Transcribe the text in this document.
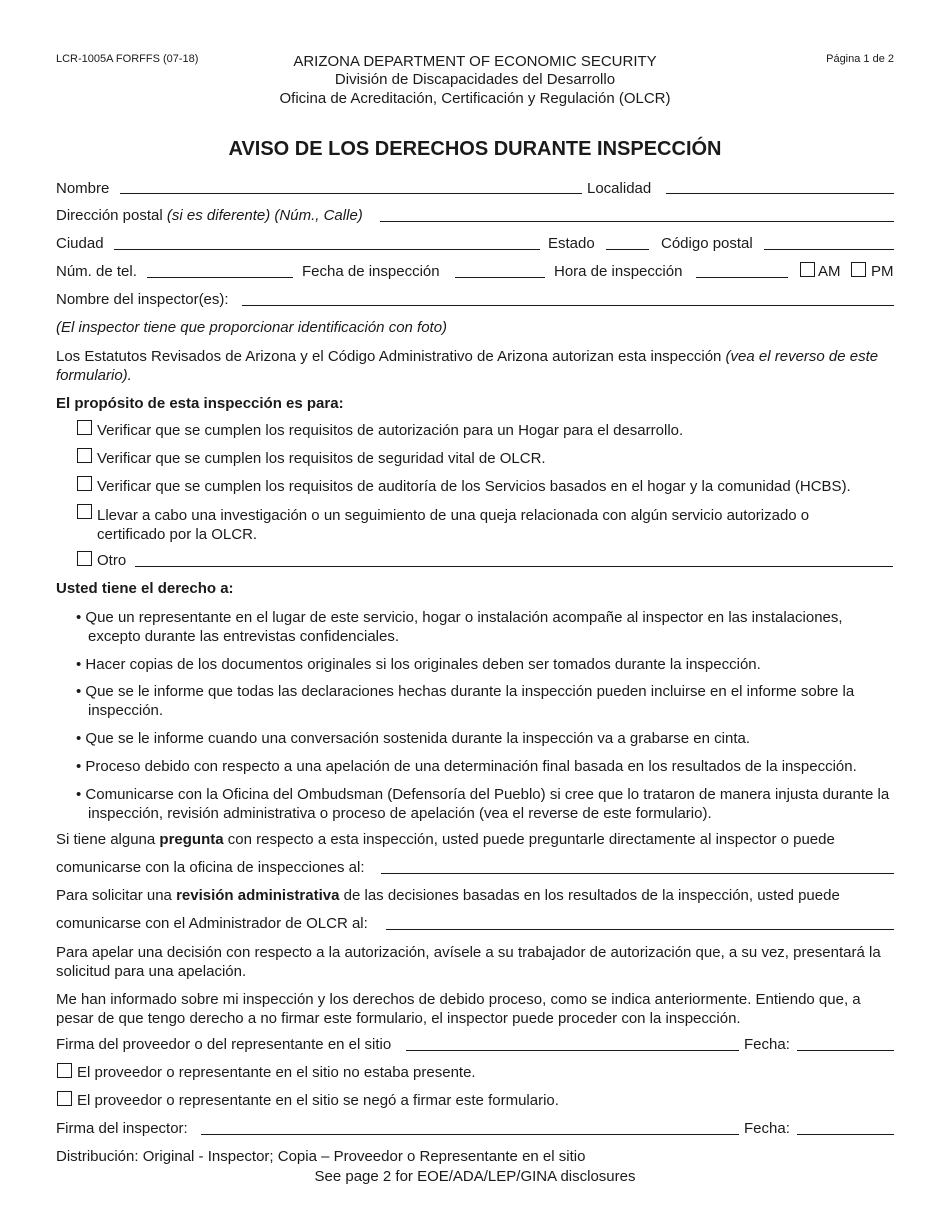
LCR-1005A FORFFS (07-18)	Página 1 de 2
ARIZONA DEPARTMENT OF ECONOMIC SECURITY
División de Discapacidades del Desarrollo
Oficina de Acreditación, Certificación y Regulación (OLCR)
AVISO DE LOS DERECHOS DURANTE INSPECCIÓN
Nombre	Localidad
Dirección postal (si es diferente) (Núm., Calle)
Ciudad	Estado	Código postal
Núm. de tel.	Fecha de inspección	Hora de inspección	AM PM
Nombre del inspector(es):
(El inspector tiene que proporcionar identificación con foto)
Los Estatutos Revisados de Arizona y el Código Administrativo de Arizona autorizan esta inspección (vea el reverso de este formulario).
El propósito de esta inspección es para:
Verificar que se cumplen los requisitos de autorización para un Hogar para el desarrollo.
Verificar que se cumplen los requisitos de seguridad vital de OLCR.
Verificar que se cumplen los requisitos de auditoría de los Servicios basados en el hogar y la comunidad (HCBS).
Llevar a cabo una investigación o un seguimiento de una queja relacionada con algún servicio autorizado o certificado por la OLCR.
Otro
Usted tiene el derecho a:
• Que un representante en el lugar de este servicio, hogar o instalación acompañe al inspector en las instalaciones, excepto durante las entrevistas confidenciales.
• Hacer copias de los documentos originales si los originales deben ser tomados durante la inspección.
• Que se le informe que todas las declaraciones hechas durante la inspección pueden incluirse en el informe sobre la inspección.
• Que se le informe cuando una conversación sostenida durante la inspección va a grabarse en cinta.
• Proceso debido con respecto a una apelación de una determinación final basada en los resultados de la inspección.
• Comunicarse con la Oficina del Ombudsman (Defensoría del Pueblo) si cree que lo trataron de manera injusta durante la inspección, revisión administrativa o proceso de apelación (vea el reverse de este formulario).
Si tiene alguna pregunta con respecto a esta inspección, usted puede preguntarle directamente al inspector o puede
comunicarse con la oficina de inspecciones al:
Para solicitar una revisión administrativa de las decisiones basadas en los resultados de la inspección, usted puede
comunicarse con el Administrador de OLCR al:
Para apelar una decisión con respecto a la autorización, avísele a su trabajador de autorización que, a su vez, presentará la solicitud para una apelación.
Me han informado sobre mi inspección y los derechos de debido proceso, como se indica anteriormente. Entiendo que, a pesar de que tengo derecho a no firmar este formulario, el inspector puede proceder con la inspección.
Firma del proveedor o del representante en el sitio	Fecha:
El proveedor o representante en el sitio no estaba presente.
El proveedor o representante en el sitio se negó a firmar este formulario.
Firma del inspector:	Fecha:
Distribución: Original - Inspector; Copia – Proveedor o Representante en el sitio
See page 2 for EOE/ADA/LEP/GINA disclosures
